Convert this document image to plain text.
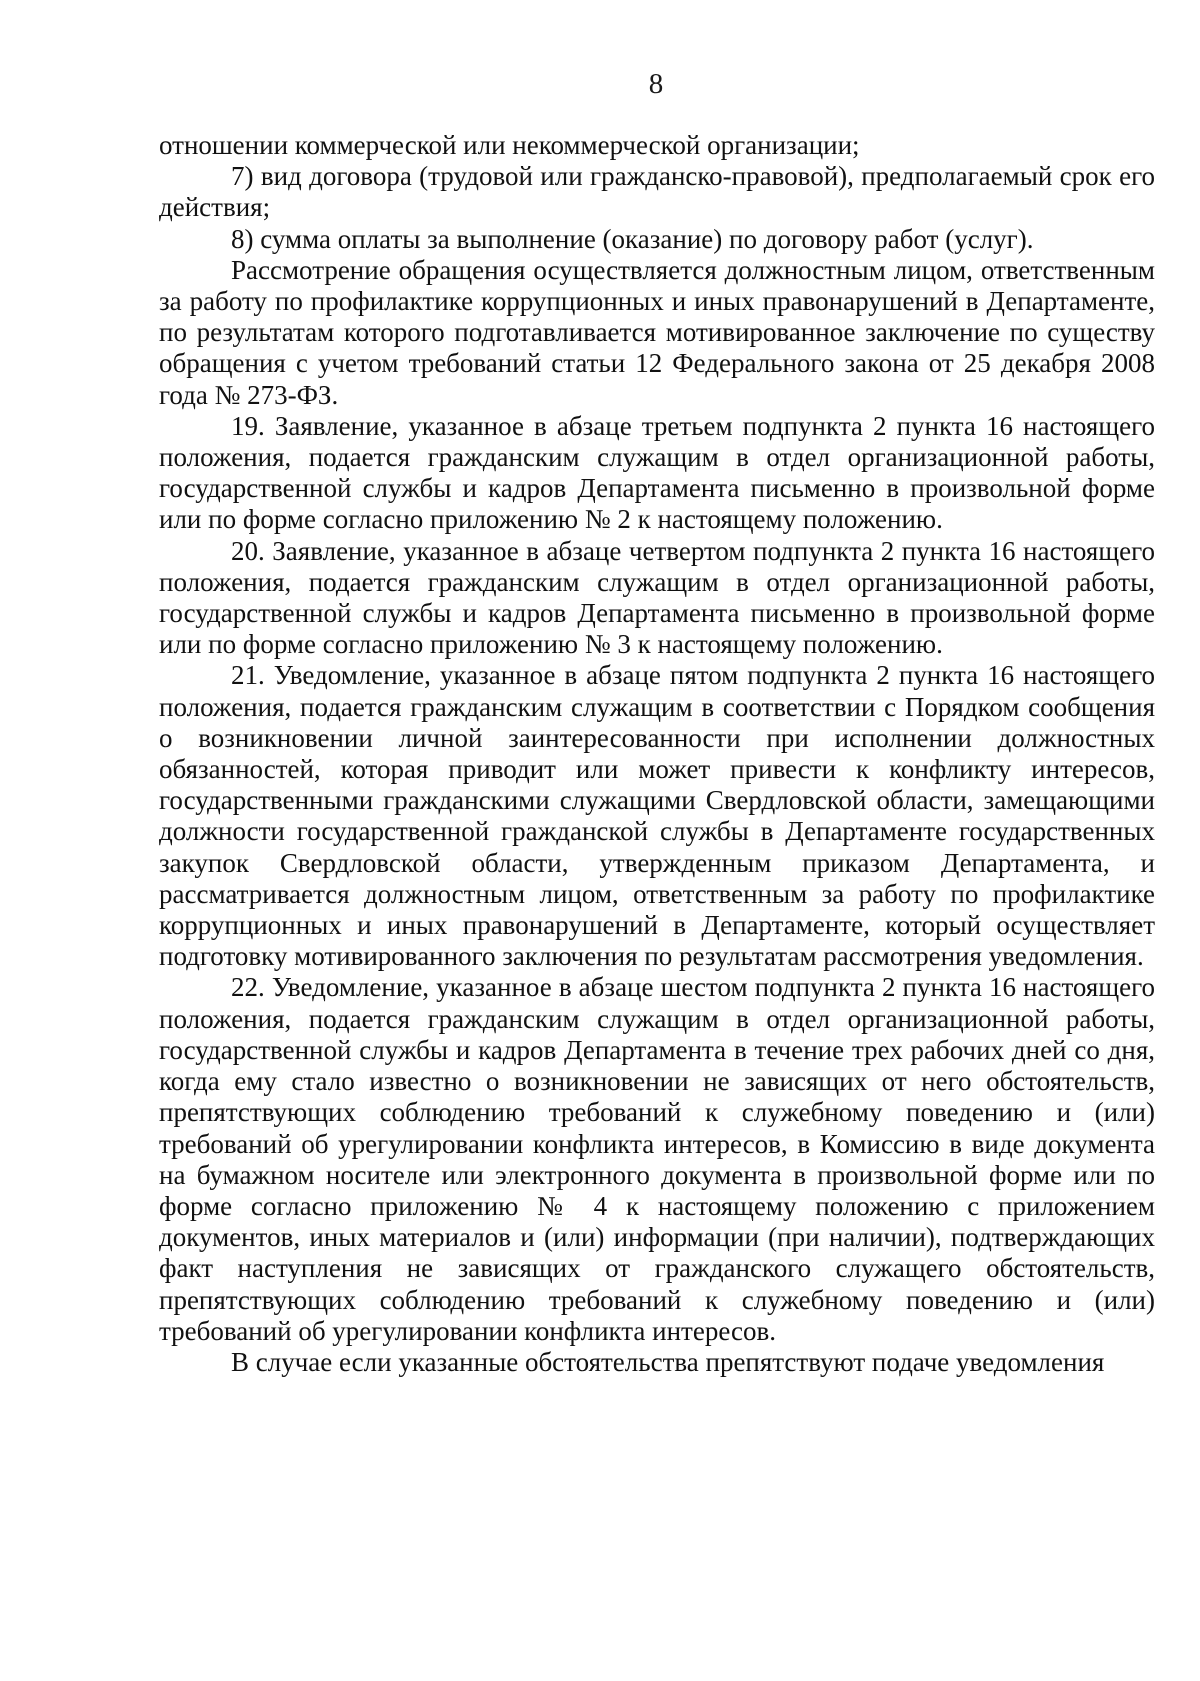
8

отношении коммерческой или некоммерческой организации;

7) вид договора (трудовой или гражданско-правовой), предполагаемый срок его действия;

8) сумма оплаты за выполнение (оказание) по договору работ (услуг).

Рассмотрение обращения осуществляется должностным лицом, ответственным за работу по профилактике коррупционных и иных правонарушений в Департаменте, по результатам которого подготавливается мотивированное заключение по существу обращения с учетом требований статьи 12 Федерального закона от 25 декабря 2008 года № 273-ФЗ.

19. Заявление, указанное в абзаце третьем подпункта 2 пункта 16 настоящего положения, подается гражданским служащим в отдел организационной работы, государственной службы и кадров Департамента письменно в произвольной форме или по форме согласно приложению № 2 к настоящему положению.

20. Заявление, указанное в абзаце четвертом подпункта 2 пункта 16 настоящего положения, подается гражданским служащим в отдел организационной работы, государственной службы и кадров Департамента письменно в произвольной форме или по форме согласно приложению № 3 к настоящему положению.

21. Уведомление, указанное в абзаце пятом подпункта 2 пункта 16 настоящего положения, подается гражданским служащим в соответствии с Порядком сообщения о возникновении личной заинтересованности при исполнении должностных обязанностей, которая приводит или может привести к конфликту интересов, государственными гражданскими служащими Свердловской области, замещающими должности государственной гражданской службы в Департаменте государственных закупок Свердловской области, утвержденным приказом Департамента, и рассматривается должностным лицом, ответственным за работу по профилактике коррупционных и иных правонарушений в Департаменте, который осуществляет подготовку мотивированного заключения по результатам рассмотрения уведомления.

22. Уведомление, указанное в абзаце шестом подпункта 2 пункта 16 настоящего положения, подается гражданским служащим в отдел организационной работы, государственной службы и кадров Департамента в течение трех рабочих дней со дня, когда ему стало известно о возникновении не зависящих от него обстоятельств, препятствующих соблюдению требований к служебному поведению и (или) требований об урегулировании конфликта интересов, в Комиссию в виде документа на бумажном носителе или электронного документа в произвольной форме или по форме согласно приложению № 4 к настоящему положению с приложением документов, иных материалов и (или) информации (при наличии), подтверждающих факт наступления не зависящих от гражданского служащего обстоятельств, препятствующих соблюдению требований к служебному поведению и (или) требований об урегулировании конфликта интересов.

В случае если указанные обстоятельства препятствуют подаче уведомления
